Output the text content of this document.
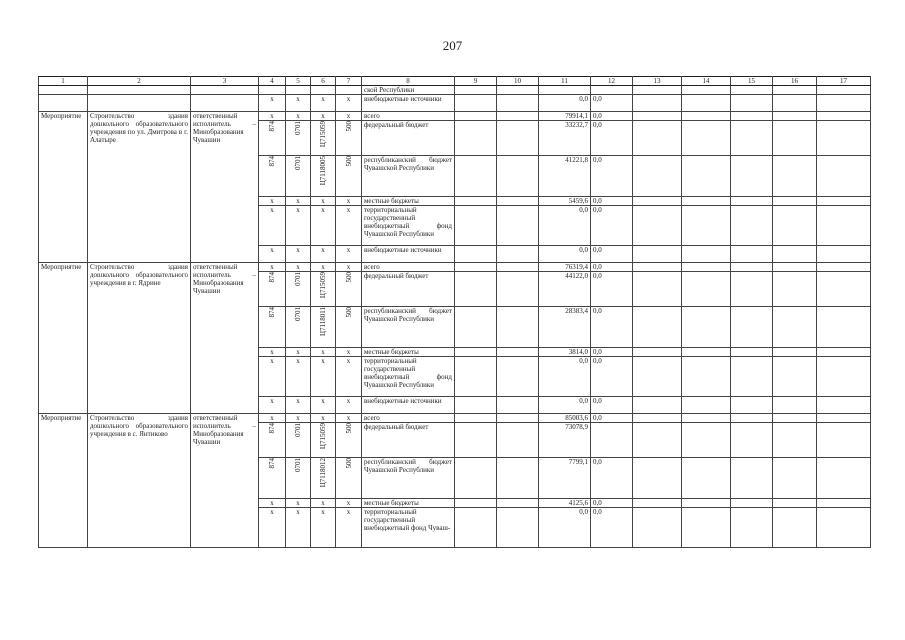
207
1	2	3	4	5	6	7	8	9	10	11	12	13	14	15	16	17
							ской Республики									
			х	х	х	х	внебюджетные источники			0,0	0,0					
Мероприятие	Строительство здания дошкольного образовательного учреждения по ул. Дмитрова в г. Алатыре	ответственный исполнитель – Минобразования Чувашии	х	х	х	х	всего			79914,1	0,0					
			874	0701	Ц715059	500	федеральный бюджет			33232,7	0,0					
			874	0701	Ц7118005	500	республиканский бюджет Чувашской Республики			41221,8	0,0					
			х	х	х	х	местные бюджеты			5459,6	0,0					
			х	х	х	х	территориальный государственный внебюджетный фонд Чувашской Республики			0,0	0,0					
			х	х	х	х	внебюджетные источники			0,0	0,0					
Мероприятие	Строительство здания дошкольного образовательного учреждения в г. Ядрине	ответственный исполнитель – Минобразования Чувашии	х	х	х	х	всего			76319,4	0,0					
			874	0701	Ц715059	500	федеральный бюджет			44122,0	0,0					
			874	0701	Ц7118011	500	республиканский бюджет Чувашской Республики			28383,4	0,0					
			х	х	х	х	местные бюджеты			3814,0	0,0					
			х	х	х	х	территориальный государственный внебюджетный фонд Чувашской Республики			0,0	0,0					
			х	х	х	х	внебюджетные источники			0,0	0,0					
Мероприятие	Строительство здания дошкольного образовательного учреждения в с. Янтиково	ответственный исполнитель – Минобразования Чувашии	х	х	х	х	всего			85003,6	0,0					
			874	0701	Ц715059	500	федеральный бюджет			73078,9						
			874	0701	Ц7118012	500	республиканский бюджет Чувашской Республики			7799,1	0,0					
			х	х	х	х	местные бюджеты			4125,6	0,0					
			х	х	х	х	территориальный государственный внебюджетный фонд Чуваш-			0,0	0,0					
